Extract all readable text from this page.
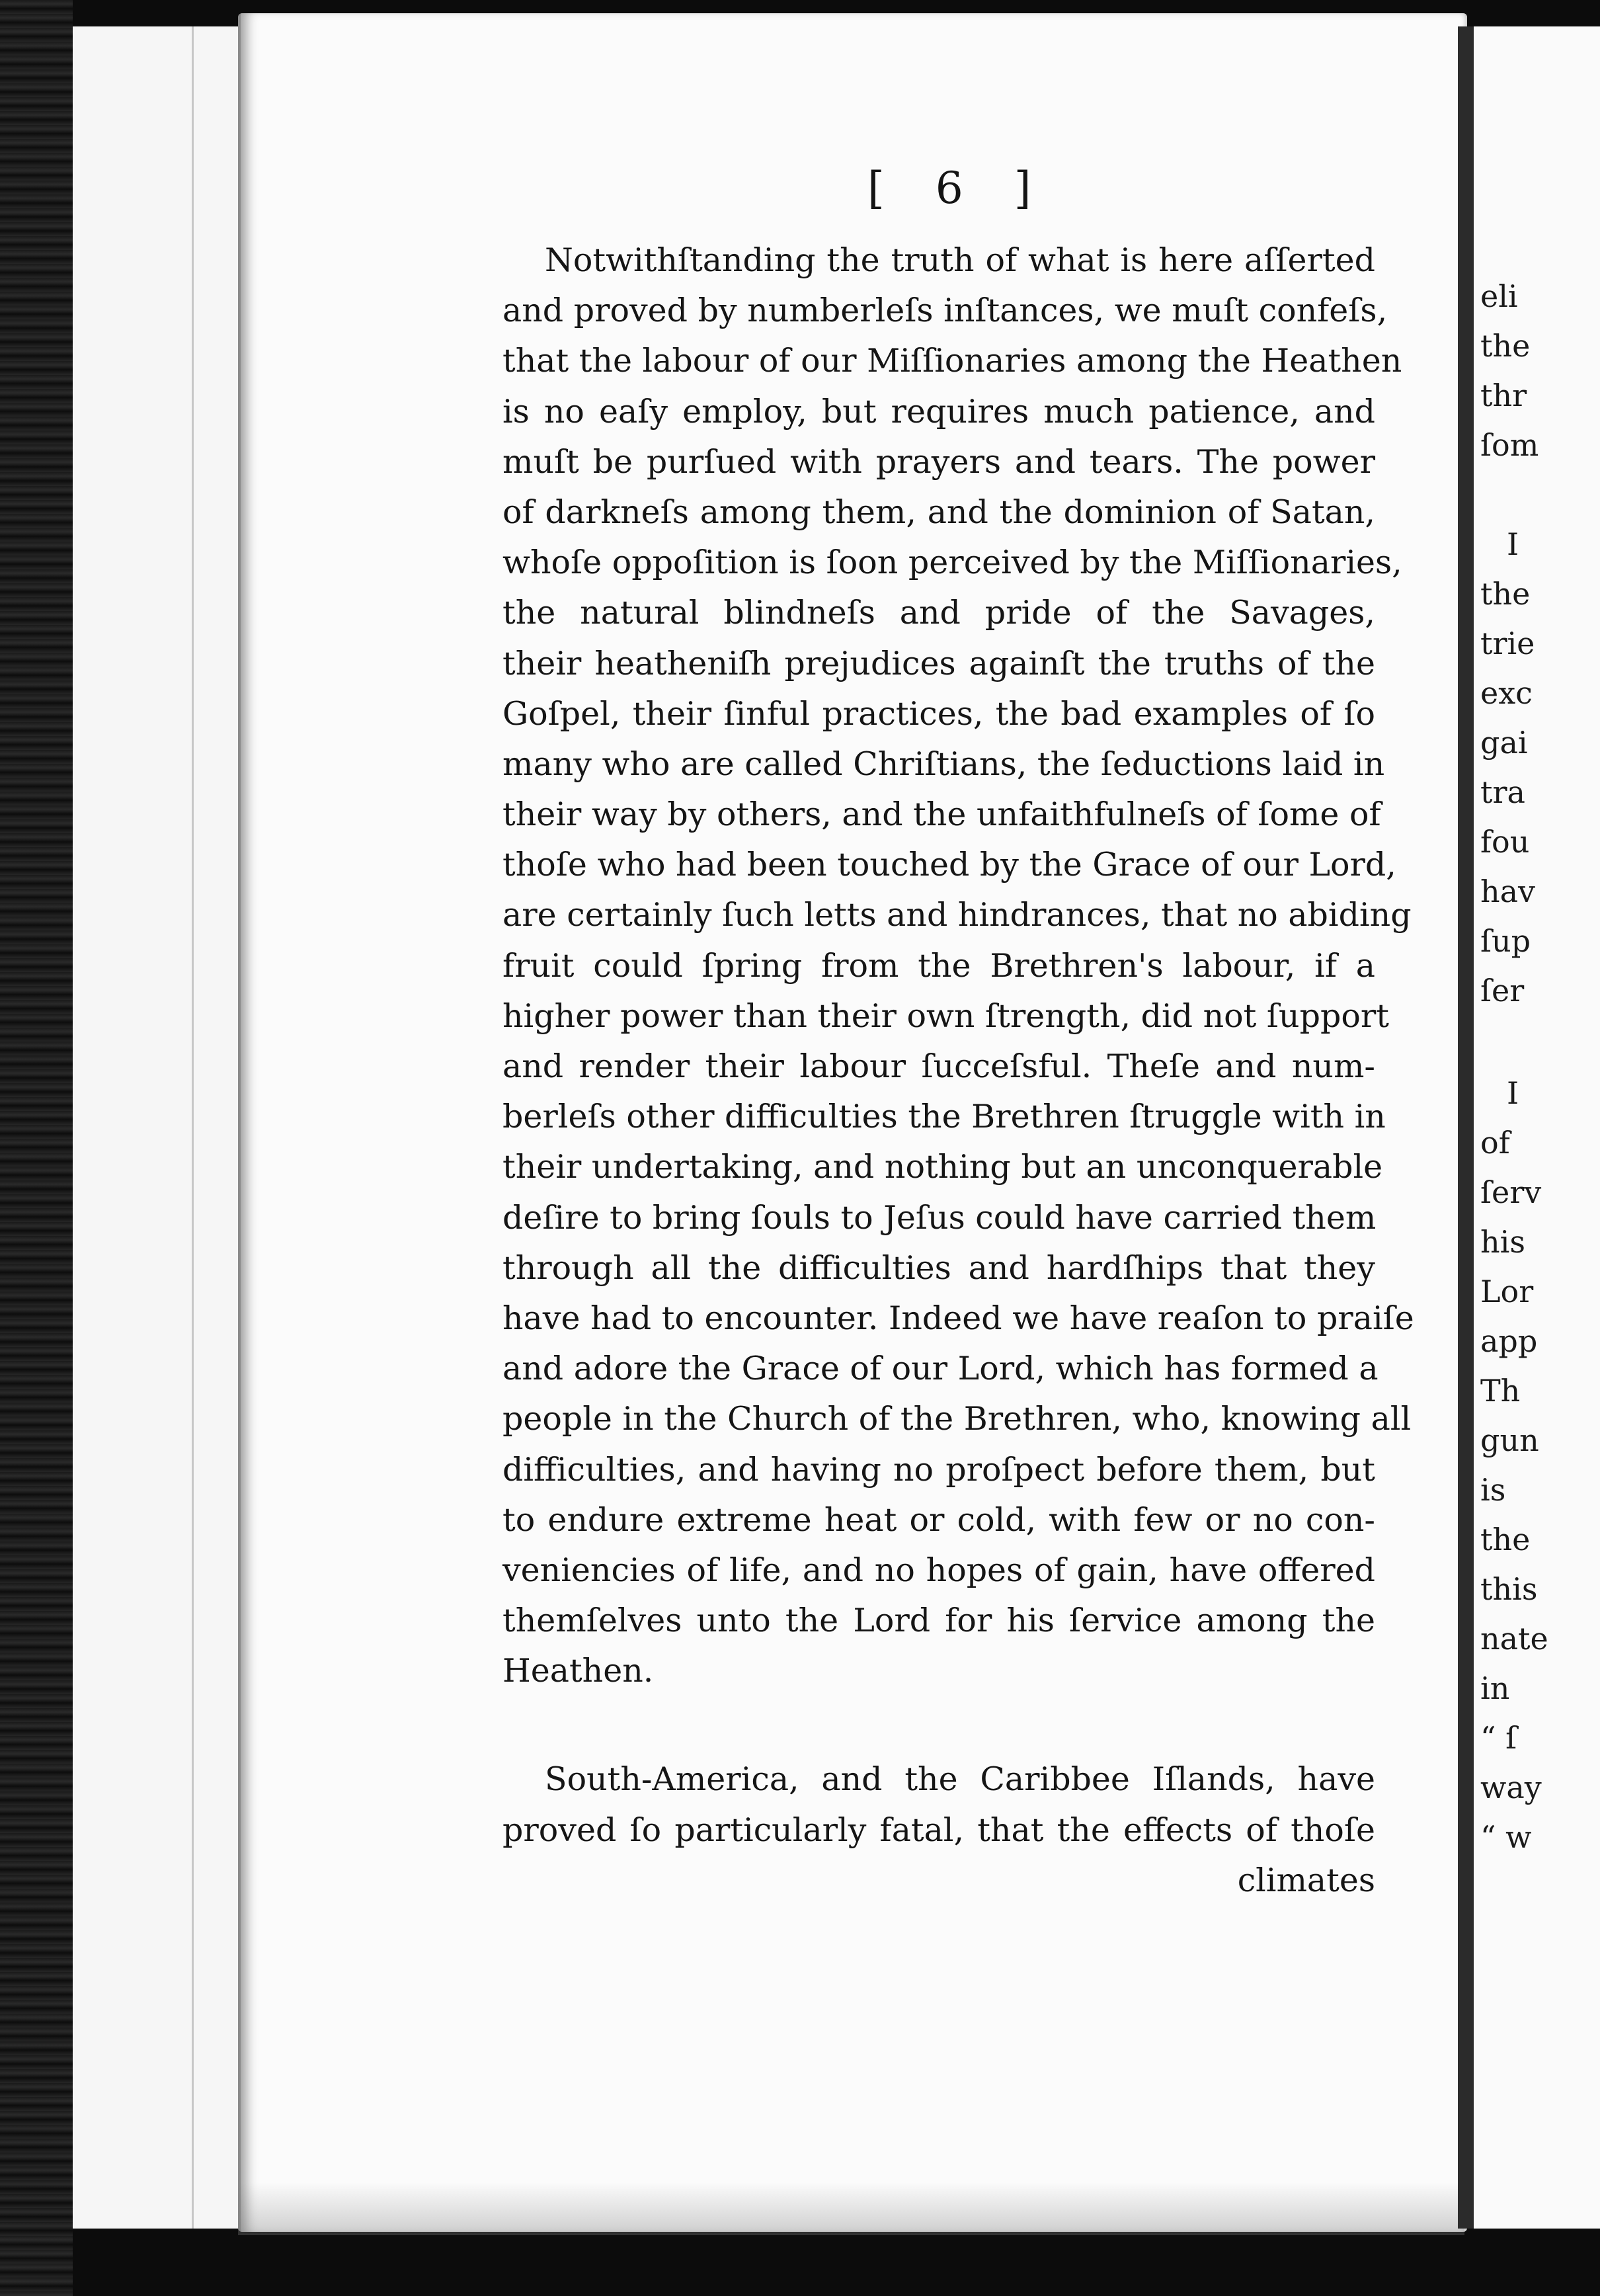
[ 6 ]
Notwithſtanding the truth of what is here aſſerted
and proved by numberleſs inſtances, we muſt confeſs,
that the labour of our Miſſionaries among the Heathen
is no eaſy employ, but requires much patience, and
muſt be purſued with prayers and tears. The power
of darkneſs among them, and the dominion of Satan,
whoſe oppoſition is ſoon perceived by the Miſſionaries,
the natural blindneſs and pride of the Savages,
their heatheniſh prejudices againſt the truths of the
Goſpel, their ſinful practices, the bad examples of ſo
many who are called Chriſtians, the ſeductions laid in
their way by others, and the unfaithfulneſs of ſome of
thoſe who had been touched by the Grace of our Lord,
are certainly ſuch letts and hindrances, that no abiding
fruit could ſpring from the Brethren's labour, if a
higher power than their own ſtrength, did not ſupport
and render their labour ſucceſsful. Theſe and num-
berleſs other difficulties the Brethren ſtruggle with in
their undertaking, and nothing but an unconquerable
deſire to bring ſouls to Jeſus could have carried them
through all the difficulties and hardſhips that they
have had to encounter. Indeed we have reaſon to praiſe
and adore the Grace of our Lord, which has formed a
people in the Church of the Brethren, who, knowing all
difficulties, and having no proſpect before them, but
to endure extreme heat or cold, with few or no con-
veniencies of life, and no hopes of gain, have offered
themſelves unto the Lord for his ſervice among the
Heathen.
South-America, and the Caribbee Iſlands, have
proved ſo particularly fatal, that the effects of thoſe
climates
eli
the
thr
ſom
I
the
trie
exc
gai
tra
fou
hav
ſup
ſer
I
of
ſerv
his
Lor
app
Th
gun
is
the
this
nate
in
“ ſ
way
“ w
